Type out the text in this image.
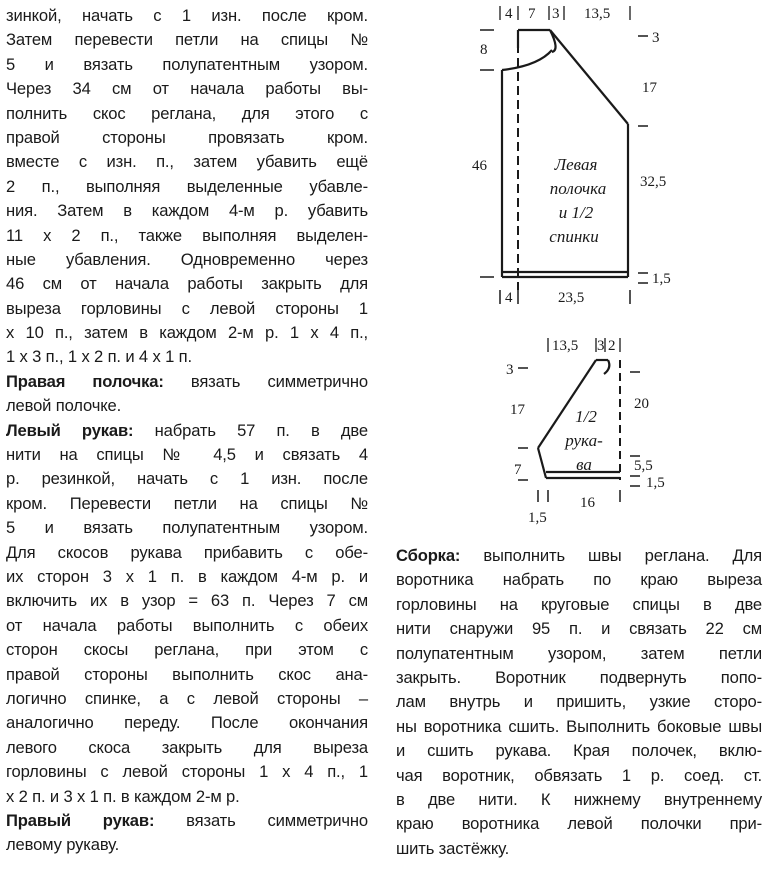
зинкой, начать с 1 изн. после кром.
Затем перевести петли на спицы №
5 и вязать полупатентным узором.
Через 34 см от начала работы вы-
полнить скос реглана, для этого с
правой стороны провязать кром.
вместе с изн. п., затем убавить ещё
2 п., выполняя выделенные убавле-
ния. Затем в каждом 4-м р. убавить
11 х 2 п., также выполняя выделен-
ные убавления. Одновременно через
46 см от начала работы закрыть для
выреза горловины с левой стороны 1
х 10 п., затем в каждом 2-м р. 1 х 4 п.,
1 х 3 п., 1 х 2 п. и 4 х 1 п.
Правая полочка: вязать симметрично
левой полочке.
Левый рукав: набрать 57 п. в две
нити на спицы № 4,5 и связать 4
р. резинкой, начать с 1 изн. после
кром. Перевести петли на спицы №
5 и вязать полупатентным узором.
Для скосов рукава прибавить с обе-
их сторон 3 х 1 п. в каждом 4-м р. и
включить их в узор = 63 п. Через 7 см
от начала работы выполнить с обеих
сторон скосы реглана, при этом с
правой стороны выполнить скос ана-
логично спинке, а с левой стороны –
аналогично переду. После окончания
левого скоса закрыть для выреза
горловины с левой стороны 1 х 4 п., 1
х 2 п. и 3 х 1 п. в каждом 2-м р.
Правый рукав: вязать симметрично
левому рукаву.
Сборка: выполнить швы реглана. Для
воротника набрать по краю выреза
горловины на круговые спицы в две
нити снаружи 95 п. и связать 22 см
полупатентным узором, затем петли
закрыть. Воротник подвернуть попо-
лам внутрь и пришить, узкие сторо-
ны воротника сшить. Выполнить боковые швы
и сшить рукава. Края полочек, вклю-
чая воротник, обвязать 1 р. соед. ст.
в две нити. К нижнему внутреннему
краю воротника левой полочки при-
шить застёжку.
4 7 3 13,5
8
46
3
17
32,5
1,5
4	23,5
Левая
полочка
и 1/2
спинки
13,5 3 2
3
17
7
20
5,5
1,5
1,5
16
1/2
рука-
ва
